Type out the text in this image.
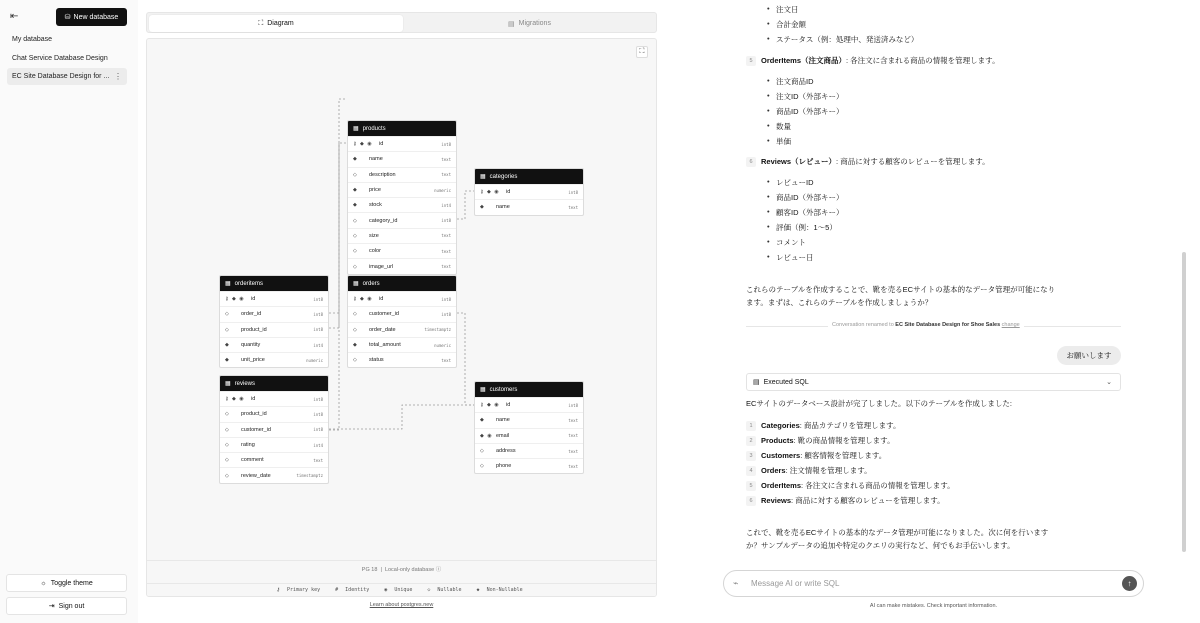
⇤	⛁ New database
My database
Chat Service Database Design
EC Site Database Design for ... ⋮
☼ Toggle theme
⇥ Sign out
⛶ Diagram	▤ Migrations
⛶
▦ products
⚷ ◆ ◉	id	int8
◆	name	text
◇	description	text
◆	price	numeric
◆	stock	int4
◇	category_id	int8
◇	size	text
◇	color	text
◇	image_url	text
▦ categories
⚷ ◆ ◉	id	int8
◆	name	text
▦ orderitems
⚷ ◆ ◉	id	int8
◇	order_id	int8
◇	product_id	int8
◆	quantity	int4
◆	unit_price	numeric
▦ orders
⚷ ◆ ◉	id	int8
◇	customer_id	int8
◇	order_date	timestamptz
◆	total_amount	numeric
◇	status	text
▦ reviews
⚷ ◆ ◉	id	int8
◇	product_id	int8
◇	customer_id	int8
◇	rating	int4
◇	comment	text
◇	review_date	timestamptz
▦ customers
⚷ ◆ ◉	id	int8
◆	name	text
◆ ◉ email	text
◇	address	text
◇	phone	text
PG 18  |  Local-only database ⓘ
⚷ Primary key	# Identity	◉ Unique	◇ Nullable	◆ Non-Nullable
Learn about postgres.new
• 注文日
• 合計金額
• ステータス（例：処理中、発送済みなど）
5	OrderItems（注文商品）: 各注文に含まれる商品の情報を管理します。
• 注文商品ID
• 注文ID（外部キー）
• 商品ID（外部キー）
• 数量
• 単価
6	Reviews（レビュー）: 商品に対する顧客のレビューを管理します。
• レビューID
• 商品ID（外部キー）
• 顧客ID（外部キー）
• 評価（例：1〜5）
• コメント
• レビュー日
これらのテーブルを作成することで、靴を売るECサイトの基本的なデータ管理が可能になります。まずは、これらのテーブルを作成しましょうか？
Conversation renamed to EC Site Database Design for Shoe Sales change
お願いします
▤ Executed SQL	⌄
ECサイトのデータベース設計が完了しました。以下のテーブルを作成しました:
1	Categories: 商品カテゴリを管理します。
2	Products: 靴の商品情報を管理します。
3	Customers: 顧客情報を管理します。
4	Orders: 注文情報を管理します。
5	OrderItems: 各注文に含まれる商品の情報を管理します。
6	Reviews: 商品に対する顧客のレビューを管理します。
これで、靴を売るECサイトの基本的なデータ管理が可能になりました。次に何を行いますか？サンプルデータの追加や特定のクエリの実行など、何でもお手伝いします。
⌁ Message AI or write SQL	↑
AI can make mistakes. Check important information.
